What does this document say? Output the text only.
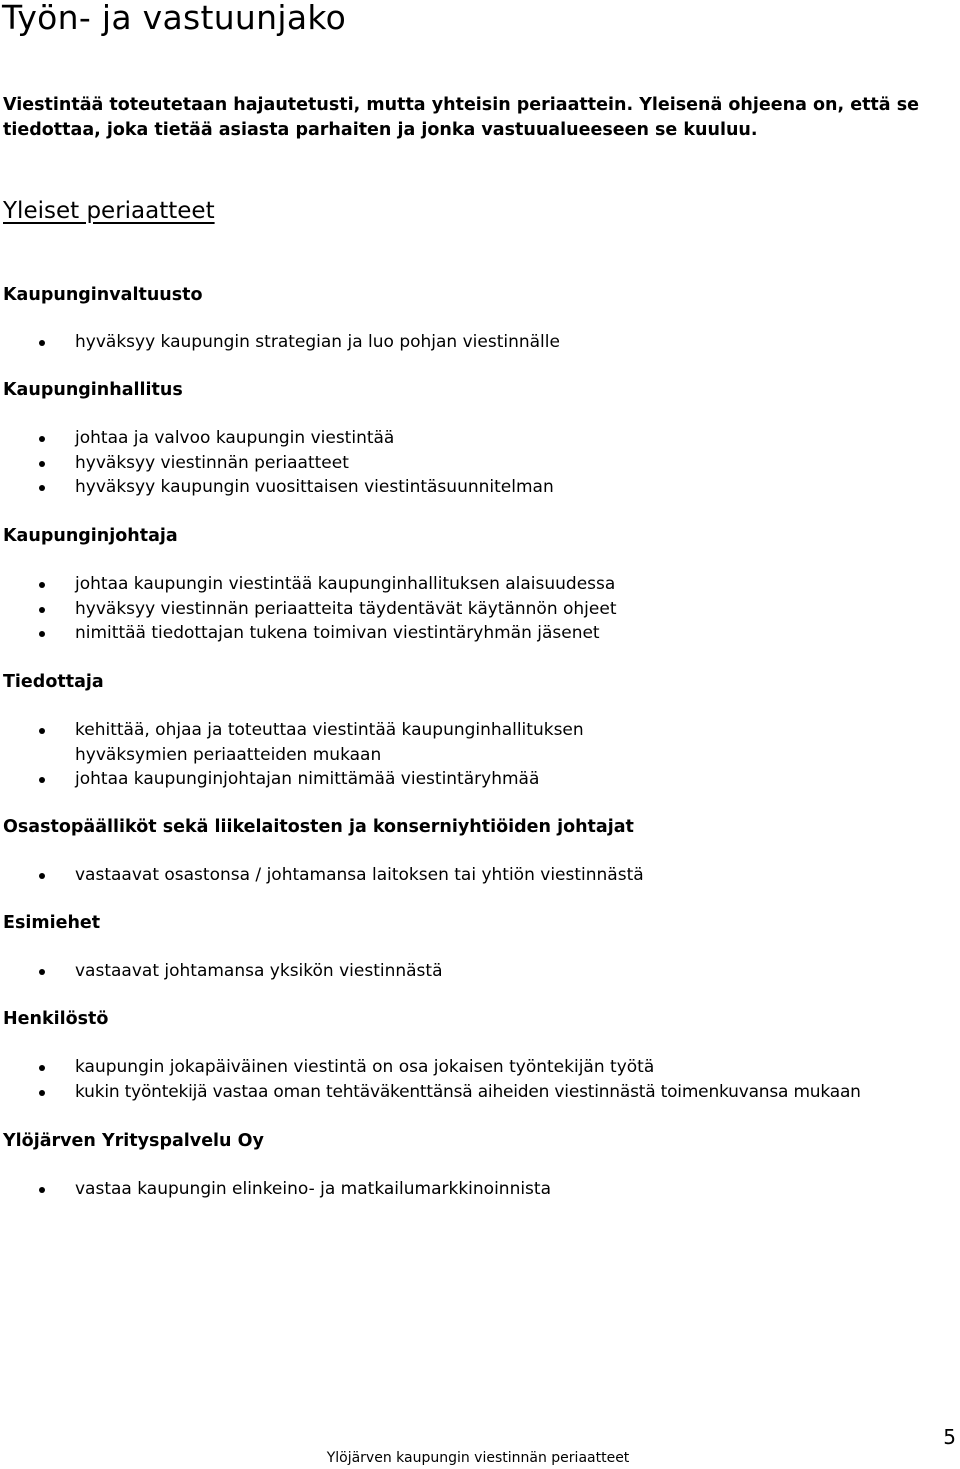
Työn- ja vastuunjako

Viestintää toteutetaan hajautetusti, mutta yhteisin periaattein. Yleisenä ohjeena on, että se tiedottaa, joka tietää asiasta parhaiten ja jonka vastuualueeseen se kuuluu.

Yleiset periaatteet
Kaupunginvaltuusto
hyväksyy kaupungin strategian ja luo pohjan viestinnälle
Kaupunginhallitus
johtaa ja valvoo kaupungin viestintää
hyväksyy viestinnän periaatteet
hyväksyy kaupungin vuosittaisen viestintäsuunnitelman
Kaupunginjohtaja
johtaa kaupungin viestintää kaupunginhallituksen alaisuudessa
hyväksyy viestinnän periaatteita täydentävät käytännön ohjeet
nimittää tiedottajan tukena toimivan viestintäryhmän jäsenet
Tiedottaja
kehittää, ohjaa ja toteuttaa viestintää kaupunginhallituksen hyväksymien periaatteiden mukaan
johtaa kaupunginjohtajan nimittämää viestintäryhmää
Osastopäälliköt sekä liikelaitosten ja konserniyhtiöiden johtajat
vastaavat osastonsa / johtamansa laitoksen tai yhtiön viestinnästä
Esimiehet
vastaavat johtamansa yksikön viestinnästä
Henkilöstö
kaupungin jokapäiväinen viestintä on osa jokaisen työntekijän työtä
kukin työntekijä vastaa oman tehtäväkenttänsä aiheiden viestinnästä toimenkuvansa mukaan
Ylöjärven Yrityspalvelu Oy
vastaa kaupungin elinkeino- ja matkailumarkkinoinnista
5
Ylöjärven kaupungin viestinnän periaatteet
